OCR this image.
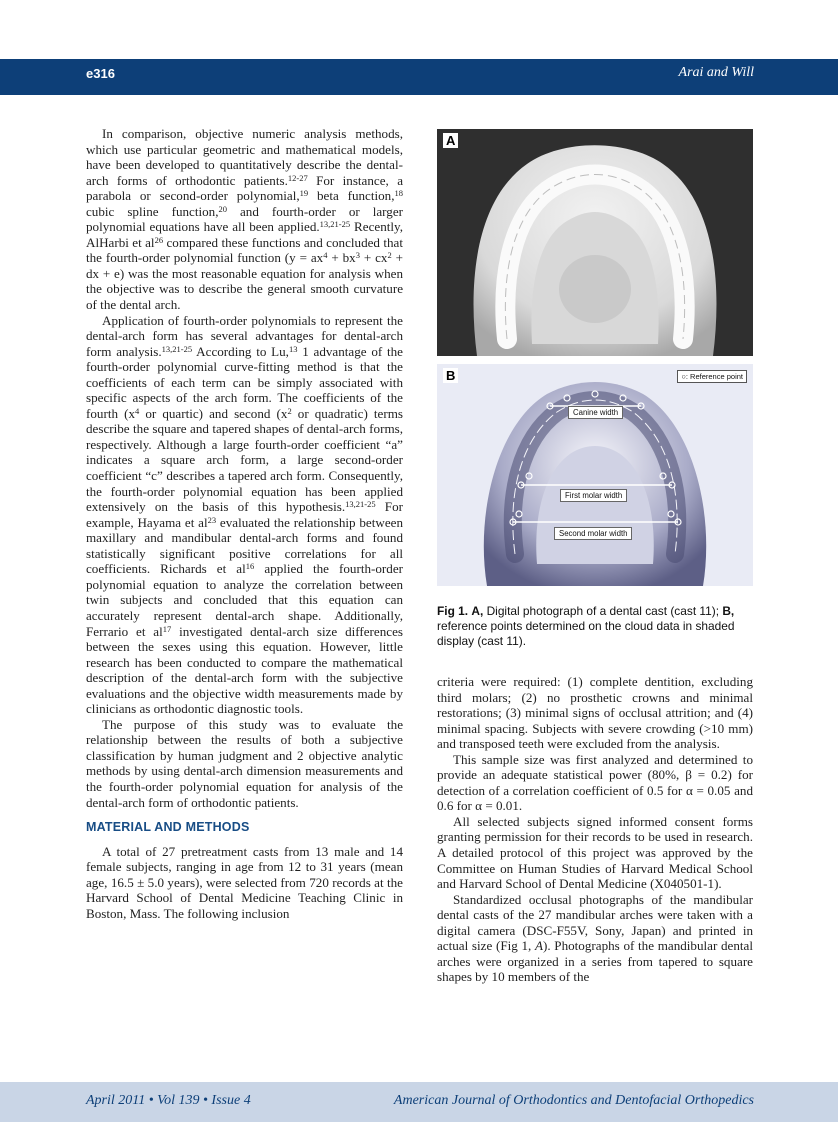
e316	Arai and Will

In comparison, objective numeric analysis methods, which use particular geometric and mathematical models, have been developed to quantitatively describe the dental-arch forms of orthodontic patients.$^{12-27}$ For instance, a parabola or second-order polynomial,$^{19}$ beta function,$^{18}$ cubic spline function,$^{20}$ and fourth-order or larger polynomial equations have all been applied.$^{13,21-25}$ Recently, AlHarbi et al$^{26}$ compared these functions and concluded that the fourth-order polynomial function ($y = ax^4 + bx^3 + cx^2$ + dx + e) was the most reasonable equation for analysis when the objective was to describe the general smooth curvature of the dental arch.

Application of fourth-order polynomials to represent the dental-arch form has several advantages for dental-arch form analysis.$^{13,21-25}$ According to Lu,$^{13}$ 1 advantage of the fourth-order polynomial curve-fitting method is that the coefficients of each term can be simply associated with specific aspects of the arch form. The coefficients of the fourth ($x^4$ or quartic) and second ($x^2$ or quadratic) terms describe the square and tapered shapes of dental-arch forms, respectively. Although a large fourth-order coefficient “a” indicates a square arch form, a large second-order coefficient “c” describes a tapered arch form. Consequently, the fourth-order polynomial equation has been applied extensively on the basis of this hypothesis.$^{13,21-25}$ For example, Hayama et al$^{23}$ evaluated the relationship between maxillary and mandibular dental-arch forms and found statistically significant positive correlations for all coefficients. Richards et al$^{16}$ applied the fourth-order polynomial equation to analyze the correlation between twin subjects and concluded that this equation can accurately represent dental-arch shape. Additionally, Ferrario et al$^{17}$ investigated dental-arch size differences between the sexes using this equation. However, little research has been conducted to compare the mathematical description of the dental-arch form with the subjective evaluations and the objective width measurements made by clinicians as orthodontic diagnostic tools.

The purpose of this study was to evaluate the relationship between the results of both a subjective classification by human judgment and 2 objective analytic methods by using dental-arch dimension measurements and the fourth-order polynomial equation for analysis of the dental-arch form of orthodontic patients.

MATERIAL AND METHODS

A total of 27 pretreatment casts from 13 male and 14 female subjects, ranging in age from 12 to 31 years (mean age, 16.5 ± 5.0 years), were selected from 720 records at the Harvard School of Dental Medicine Teaching Clinic in Boston, Mass. The following inclusion

A
B	○: Reference point
Canine width
First molar width
Second molar width
Fig 1. A, Digital photograph of a dental cast (cast 11); B, reference points determined on the cloud data in shaded display (cast 11).

criteria were required: (1) complete dentition, excluding third molars; (2) no prosthetic crowns and minimal restorations; (3) minimal signs of occlusal attrition; and (4) minimal spacing. Subjects with severe crowding (>10 mm) and transposed teeth were excluded from the analysis.

This sample size was first analyzed and determined to provide an adequate statistical power (80%, β = 0.2) for detection of a correlation coefficient of 0.5 for α = 0.05 and 0.6 for α = 0.01.

All selected subjects signed informed consent forms granting permission for their records to be used in research. A detailed protocol of this project was approved by the Committee on Human Studies of Harvard Medical School and Harvard School of Dental Medicine (X040501-1).

Standardized occlusal photographs of the mandibular dental casts of the 27 mandibular arches were taken with a digital camera (DSC-F55V, Sony, Japan) and printed in actual size (Fig 1, A). Photographs of the mandibular dental arches were organized in a series from tapered to square shapes by 10 members of the

April 2011 • Vol 139 • Issue 4	American Journal of Orthodontics and Dentofacial Orthopedics
